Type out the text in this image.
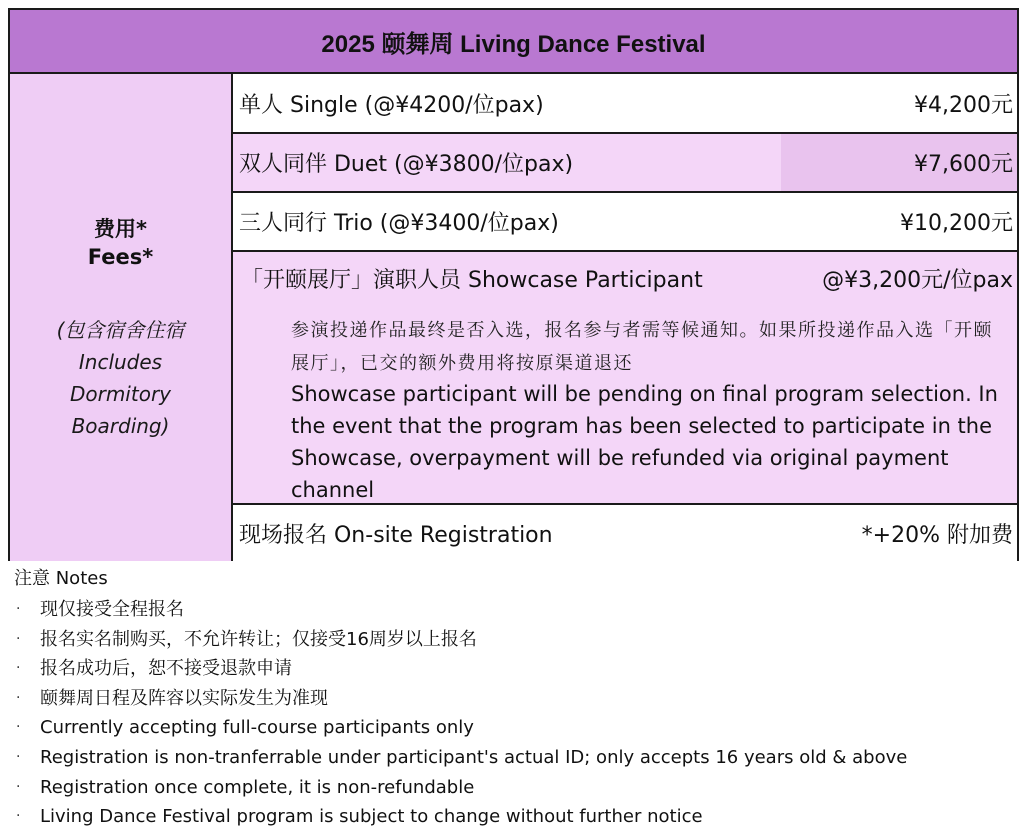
2025 颐舞周 Living Dance Festival
费用*
Fees*
(包含宿舍住宿
Includes
Dormitory
Boarding)
单人 Single (@¥4200/位pax)	¥4,200元
双人同伴 Duet (@¥3800/位pax)	¥7,600元
三人同行 Trio (@¥3400/位pax)	¥10,200元
「开颐展厅」演职人员 Showcase Participant	@¥3,200元/位pax
参演投递作品最终是否入选，报名参与者需等候通知。如果所投递作品入选「开颐展厅」，已交的额外费用将按原渠道退还
Showcase participant will be pending on final program selection. In the event that the program has been selected to participate in the Showcase, overpayment will be refunded via original payment channel
现场报名 On-site Registration	*+20% 附加费
注意 Notes
·	现仅接受全程报名
·	报名实名制购买，不允许转让；仅接受16周岁以上报名
·	报名成功后，恕不接受退款申请
·	颐舞周日程及阵容以实际发生为准现
·	Currently accepting full-course participants only
·	Registration is non-tranferrable under participant's actual ID; only accepts 16 years old & above
·	Registration once complete, it is non-refundable
·	Living Dance Festival program is subject to change without further notice
